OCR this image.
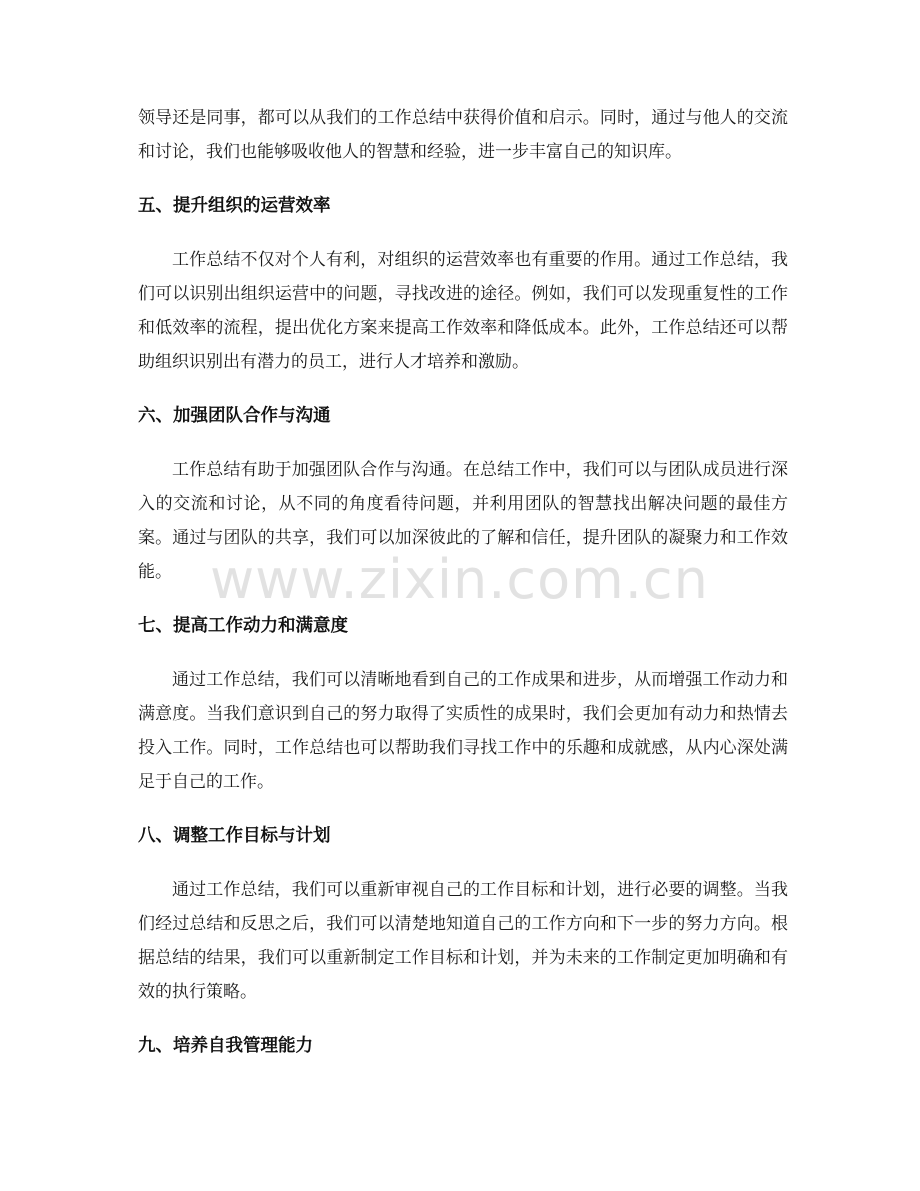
领导还是同事，都可以从我们的工作总结中获得价值和启示。同时，通过与他人的交流和讨论，我们也能够吸收他人的智慧和经验，进一步丰富自己的知识库。

五、提升组织的运营效率

工作总结不仅对个人有利，对组织的运营效率也有重要的作用。通过工作总结，我们可以识别出组织运营中的问题，寻找改进的途径。例如，我们可以发现重复性的工作和低效率的流程，提出优化方案来提高工作效率和降低成本。此外，工作总结还可以帮助组织识别出有潜力的员工，进行人才培养和激励。

六、加强团队合作与沟通

工作总结有助于加强团队合作与沟通。在总结工作中，我们可以与团队成员进行深入的交流和讨论，从不同的角度看待问题，并利用团队的智慧找出解决问题的最佳方案。通过与团队的共享，我们可以加深彼此的了解和信任，提升团队的凝聚力和工作效能。

七、提高工作动力和满意度

通过工作总结，我们可以清晰地看到自己的工作成果和进步，从而增强工作动力和满意度。当我们意识到自己的努力取得了实质性的成果时，我们会更加有动力和热情去投入工作。同时，工作总结也可以帮助我们寻找工作中的乐趣和成就感，从内心深处满足于自己的工作。

八、调整工作目标与计划

通过工作总结，我们可以重新审视自己的工作目标和计划，进行必要的调整。当我们经过总结和反思之后，我们可以清楚地知道自己的工作方向和下一步的努力方向。根据总结的结果，我们可以重新制定工作目标和计划，并为未来的工作制定更加明确和有效的执行策略。

九、培养自我管理能力
www.zixin.com.cn
